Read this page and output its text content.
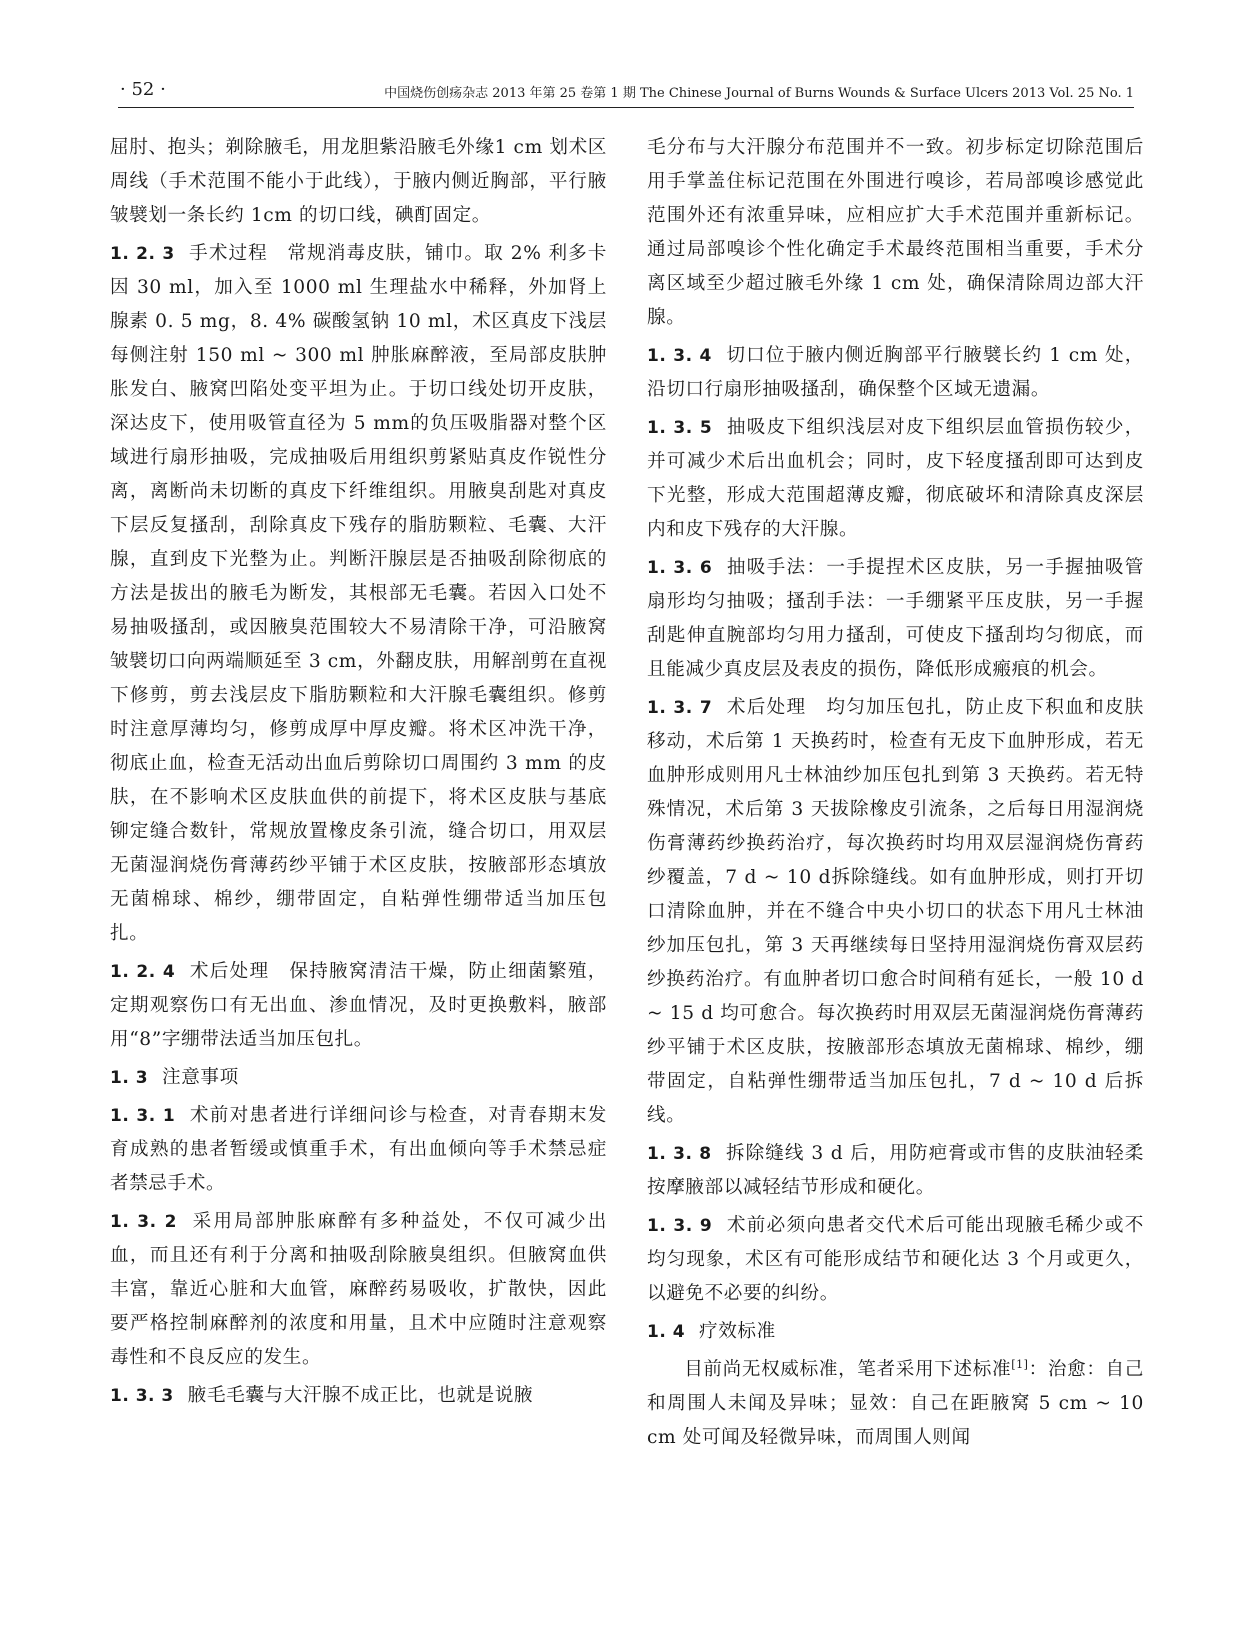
· 52 ·	中国烧伤创疡杂志 2013 年第 25 卷第 1 期 The Chinese Journal of Burns Wounds & Surface Ulcers 2013 Vol. 25 No. 1

屈肘、抱头；剃除腋毛，用龙胆紫沿腋毛外缘1 cm 划术区周线（手术范围不能小于此线），于腋内侧近胸部，平行腋皱襞划一条长约 1cm 的切口线，碘酊固定。

1. 2. 3 手术过程　常规消毒皮肤，铺巾。取 2% 利多卡因 30 ml，加入至 1000 ml 生理盐水中稀释，外加肾上腺素 0. 5 mg，8. 4% 碳酸氢钠 10 ml，术区真皮下浅层每侧注射 150 ml ~ 300 ml 肿胀麻醉液，至局部皮肤肿胀发白、腋窝凹陷处变平坦为止。于切口线处切开皮肤，深达皮下，使用吸管直径为 5 mm的负压吸脂器对整个区域进行扇形抽吸，完成抽吸后用组织剪紧贴真皮作锐性分离，离断尚未切断的真皮下纤维组织。用腋臭刮匙对真皮下层反复搔刮，刮除真皮下残存的脂肪颗粒、毛囊、大汗腺，直到皮下光整为止。判断汗腺层是否抽吸刮除彻底的方法是拔出的腋毛为断发，其根部无毛囊。若因入口处不易抽吸搔刮，或因腋臭范围较大不易清除干净，可沿腋窝皱襞切口向两端顺延至 3 cm，外翻皮肤，用解剖剪在直视下修剪，剪去浅层皮下脂肪颗粒和大汗腺毛囊组织。修剪时注意厚薄均匀，修剪成厚中厚皮瓣。将术区冲洗干净，彻底止血，检查无活动出血后剪除切口周围约 3 mm 的皮肤，在不影响术区皮肤血供的前提下，将术区皮肤与基底铆定缝合数针，常规放置橡皮条引流，缝合切口，用双层无菌湿润烧伤膏薄药纱平铺于术区皮肤，按腋部形态填放无菌棉球、棉纱，绷带固定，自粘弹性绷带适当加压包扎。

1. 2. 4 术后处理　保持腋窝清洁干燥，防止细菌繁殖，定期观察伤口有无出血、渗血情况，及时更换敷料，腋部用“8”字绷带法适当加压包扎。

1. 3 注意事项

1. 3. 1 术前对患者进行详细问诊与检查，对青春期末发育成熟的患者暂缓或慎重手术，有出血倾向等手术禁忌症者禁忌手术。

1. 3. 2 采用局部肿胀麻醉有多种益处，不仅可减少出血，而且还有利于分离和抽吸刮除腋臭组织。但腋窝血供丰富，靠近心脏和大血管，麻醉药易吸收，扩散快，因此要严格控制麻醉剂的浓度和用量，且术中应随时注意观察毒性和不良反应的发生。

1. 3. 3 腋毛毛囊与大汗腺不成正比，也就是说腋

毛分布与大汗腺分布范围并不一致。初步标定切除范围后用手掌盖住标记范围在外围进行嗅诊，若局部嗅诊感觉此范围外还有浓重异味，应相应扩大手术范围并重新标记。通过局部嗅诊个性化确定手术最终范围相当重要，手术分离区域至少超过腋毛外缘 1 cm 处，确保清除周边部大汗腺。

1. 3. 4 切口位于腋内侧近胸部平行腋襞长约 1 cm 处，沿切口行扇形抽吸搔刮，确保整个区域无遗漏。

1. 3. 5 抽吸皮下组织浅层对皮下组织层血管损伤较少，并可减少术后出血机会；同时，皮下轻度搔刮即可达到皮下光整，形成大范围超薄皮瓣，彻底破坏和清除真皮深层内和皮下残存的大汗腺。

1. 3. 6 抽吸手法：一手提捏术区皮肤，另一手握抽吸管扇形均匀抽吸；搔刮手法：一手绷紧平压皮肤，另一手握刮匙伸直腕部均匀用力搔刮，可使皮下搔刮均匀彻底，而且能减少真皮层及表皮的损伤，降低形成瘢痕的机会。

1. 3. 7 术后处理　均匀加压包扎，防止皮下积血和皮肤移动，术后第 1 天换药时，检查有无皮下血肿形成，若无血肿形成则用凡士林油纱加压包扎到第 3 天换药。若无特殊情况，术后第 3 天拔除橡皮引流条，之后每日用湿润烧伤膏薄药纱换药治疗，每次换药时均用双层湿润烧伤膏药纱覆盖，7 d ~ 10 d拆除缝线。如有血肿形成，则打开切口清除血肿，并在不缝合中央小切口的状态下用凡士林油纱加压包扎，第 3 天再继续每日坚持用湿润烧伤膏双层药纱换药治疗。有血肿者切口愈合时间稍有延长，一般 10 d ~ 15 d 均可愈合。每次换药时用双层无菌湿润烧伤膏薄药纱平铺于术区皮肤，按腋部形态填放无菌棉球、棉纱，绷带固定，自粘弹性绷带适当加压包扎，7 d ~ 10 d 后拆线。

1. 3. 8 拆除缝线 3 d 后，用防疤膏或市售的皮肤油轻柔按摩腋部以减轻结节形成和硬化。

1. 3. 9 术前必须向患者交代术后可能出现腋毛稀少或不均匀现象，术区有可能形成结节和硬化达 3 个月或更久，以避免不必要的纠纷。

1. 4 疗效标准

目前尚无权威标准，笔者采用下述标准[1]：治愈：自己和周围人未闻及异味；显效：自己在距腋窝 5 cm ~ 10 cm 处可闻及轻微异味，而周围人则闻
